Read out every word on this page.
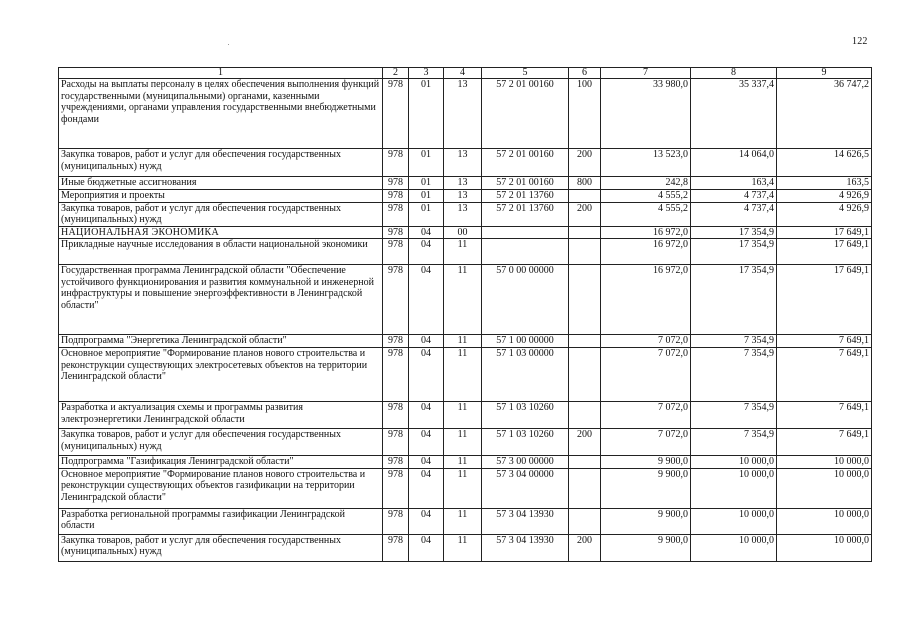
122
1	2	3	4	5	6	7	8	9
Расходы на выплаты персоналу в целях обеспечения выполнения функций государственными (муниципальными) органами, казенными учреждениями, органами управления государственными внебюджетными фондами	978	01	13	57 2 01 00160	100	33 980,0	35 337,4	36 747,2
Закупка товаров, работ и услуг для обеспечения государственных (муниципальных) нужд	978	01	13	57 2 01 00160	200	13 523,0	14 064,0	14 626,5
Иные бюджетные ассигнования	978	01	13	57 2 01 00160	800	242,8	163,4	163,5
Мероприятия и проекты	978	01	13	57 2 01 13760		4 555,2	4 737,4	4 926,9
Закупка товаров, работ и услуг для обеспечения государственных (муниципальных) нужд	978	01	13	57 2 01 13760	200	4 555,2	4 737,4	4 926,9
НАЦИОНАЛЬНАЯ ЭКОНОМИКА	978	04	00			16 972,0	17 354,9	17 649,1
Прикладные научные исследования в области национальной экономики	978	04	11			16 972,0	17 354,9	17 649,1
Государственная программа Ленинградской области "Обеспечение устойчивого функционирования и развития коммунальной и инженерной инфраструктуры и повышение энергоэффективности в Ленинградской области"	978	04	11	57 0 00 00000		16 972,0	17 354,9	17 649,1
Подпрограмма "Энергетика Ленинградской области"	978	04	11	57 1 00 00000		7 072,0	7 354,9	7 649,1
Основное мероприятие "Формирование планов нового строительства и реконструкции существующих электросетевых объектов на территории Ленинградской области"	978	04	11	57 1 03 00000		7 072,0	7 354,9	7 649,1
Разработка и актуализация схемы и программы развития электроэнергетики Ленинградской области	978	04	11	57 1 03 10260		7 072,0	7 354,9	7 649,1
Закупка товаров, работ и услуг для обеспечения государственных (муниципальных) нужд	978	04	11	57 1 03 10260	200	7 072,0	7 354,9	7 649,1
Подпрограмма "Газификация Ленинградской области"	978	04	11	57 3 00 00000		9 900,0	10 000,0	10 000,0
Основное мероприятие "Формирование планов нового строительства и реконструкции существующих объектов газификации на территории Ленинградской области"	978	04	11	57 3 04 00000		9 900,0	10 000,0	10 000,0
Разработка региональной программы газификации Ленинградской области	978	04	11	57 3 04 13930		9 900,0	10 000,0	10 000,0
Закупка товаров, работ и услуг для обеспечения государственных (муниципальных) нужд	978	04	11	57 3 04 13930	200	9 900,0	10 000,0	10 000,0
